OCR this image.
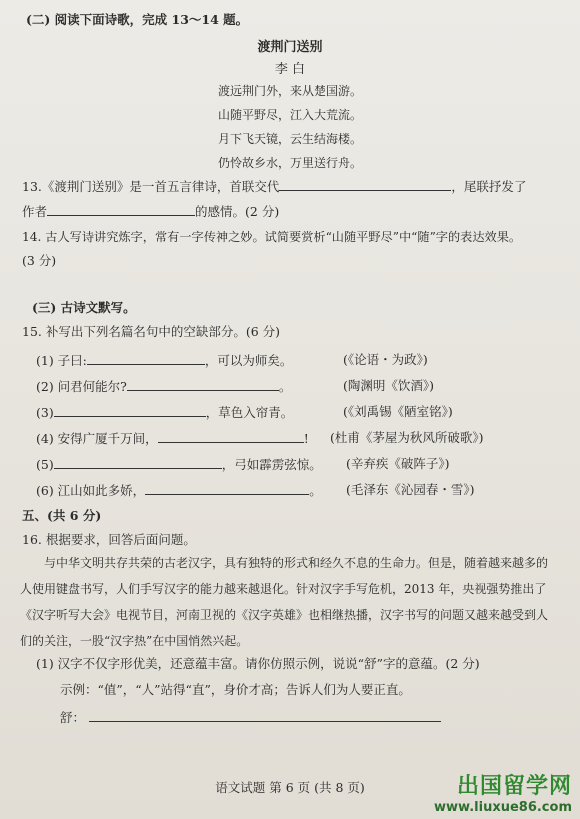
(二) 阅读下面诗歌，完成 13～14 题。
渡荆门送别
李 白
渡远荆门外，来从楚国游。
山随平野尽，江入大荒流。
月下飞天镜，云生结海楼。
仍怜故乡水，万里送行舟。
13.《渡荆门送别》是一首五言律诗，首联交代	，尾联抒发了
作者	的感情。(2 分)
14. 古人写诗讲究炼字，常有一字传神之妙。试简要赏析“山随平野尽”中“随”字的表达效果。
(3 分)
(三) 古诗文默写。
15. 补写出下列名篇名句中的空缺部分。(6 分)
(1) 子曰:	，可以为师矣。	(《论语・为政》)
(2) 问君何能尔?	。	(陶渊明《饮酒》)
(3)	，草色入帘青。	(《刘禹锡《陋室铭》)
(4) 安得广厦千万间，	! (杜甫《茅屋为秋风所破歌》)
(5)	，弓如霹雳弦惊。 (辛弃疾《破阵子》)
(6) 江山如此多娇，	。 (毛泽东《沁园春・雪》)
五、(共 6 分)
16. 根据要求，回答后面问题。
与中华文明共存共荣的古老汉字，具有独特的形式和经久不息的生命力。但是，随着越来越多的人使用键盘书写，人们手写汉字的能力越来越退化。针对汉字手写危机，2013 年，央视强势推出了《汉字听写大会》电视节目，河南卫视的《汉字英雄》也相继热播，汉字书写的问题又越来越受到人们的关注，一股“汉字热”在中国悄然兴起。
(1) 汉字不仅字形优美，还意蕴丰富。请你仿照示例，说说“舒”字的意蕴。(2 分)
示例：“值”，“人”站得“直”，身价才高；告诉人们为人要正直。
舒：
语文试题 第 6 页 (共 8 页)	出国留学网
www.liuxue86.com
